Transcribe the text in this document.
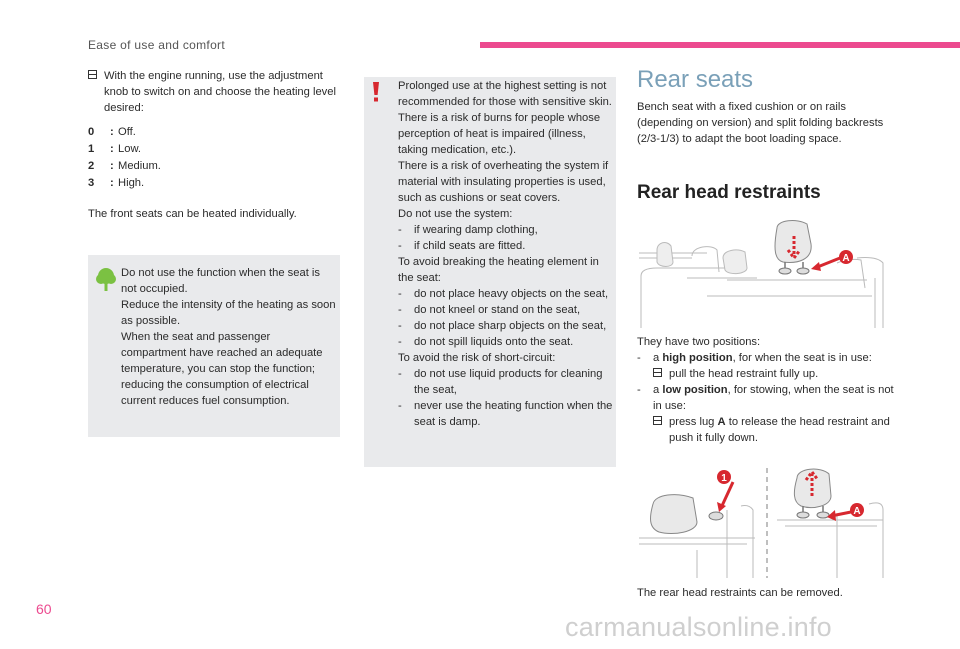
Ease of use and comfort
With the engine running, use the adjustment knob to switch on and choose the heating level desired:
0	: Off.
1	: Low.
2	: Medium.
3	: High.
The front seats can be heated individually.
Do not use the function when the seat is not occupied.
Reduce the intensity of the heating as soon as possible.
When the seat and passenger compartment have reached an adequate temperature, you can stop the function; reducing the consumption of electrical current reduces fuel consumption.
Prolonged use at the highest setting is not recommended for those with sensitive skin.
There is a risk of burns for people whose perception of heat is impaired (illness, taking medication, etc.).
There is a risk of overheating the system if material with insulating properties is used, such as cushions or seat covers.
Do not use the system:
-	if wearing damp clothing,
-	if child seats are fitted.
To avoid breaking the heating element in the seat:
-	do not place heavy objects on the seat,
-	do not kneel or stand on the seat,
-	do not place sharp objects on the seat,
-	do not spill liquids onto the seat.
To avoid the risk of short-circuit:
-	do not use liquid products for cleaning the seat,
-	never use the heating function when the seat is damp.
Rear seats
Bench seat with a fixed cushion or on rails (depending on version) and split folding backrests (2/3-1/3) to adapt the boot loading space.
Rear head restraints
A
They have two positions:
-	a high position, for when the seat is in use:
pull the head restraint fully up.
-	a low position, for stowing, when the seat is not in use:
press lug A to release the head restraint and push it fully down.
1
A
The rear head restraints can be removed.
60
carmanualsonline.info
